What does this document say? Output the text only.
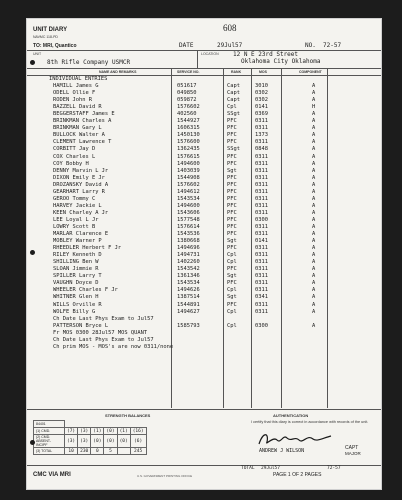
608
UNIT DIARY
NAVMC 118-PD
TO: MRI, Quantico	DATE	29Jul57	NO. 72-57
UNIT
8th Rifle Company USMCR
LOCATION 12 N E 23rd Street
Oklahoma City Oklahoma
NAME AND REMARKS	SERVICE NO.	RANK	MOS	COMPONENT
INDIVIDUAL ENTRIES
HAMILL James G	051617	Capt	3010	A
ODELL Ollie F	049850	Capt	0302	A
RODEN John R	059872	Capt	0302	A
BAZZELL David R	1576602	Cpl	0141	H
BEGGERSTAFF James E	402560	SSgt	0369	A
BRINKMAN Charles A	1544927	PFC	0311	A
BRINKMAN Gary L	1606315	PFC	0311	A
BULLOCK Walter A	1450130	PFC	1373	A
CLEMENT Lawrence T	1576600	PFC	0311	A
CORBITT Jay D	1362435	SSgt	0848	A
COX Charles L	1576615	PFC	0311	A
COY Bobby H	1494600	PFC	0311	A
DENNY Marvin L Jr	1403039	Sgt	0311	A
DIXON Emily E Jr	1544908	PFC	0311	A
DROZANSKY David A	1576602	PFC	0311	A
GEARHART Larry R	1494612	PFC	0311	A
GEROO Tommy C	1543534	PFC	0311	A
HARVEY Jackie L	1494600	PFC	0311	A
KEEN Charley A Jr	1543606	PFC	0311	A
LEE Loyal L Jr	1577548	PFC	0300	A
LOWRY Scott B	1576614	PFC	0311	A
MARLAR Clarence E	1543536	PFC	0311	A
MOBLEY Warner P	1380668	Sgt	0141	A
RHEEDLER Herbert F Jr	1494696	PFC	0311	A
RILEY Kenneth D	1494731	Cpl	0311	A
SHILLING Ben W	1402260	Cpl	0311	A
SLOAN Jimmie R	1543542	PFC	0311	A
SPILLER Larry T	1361346	Sgt	0311	A
VAUGHN Doyce D	1543534	PFC	0311	A
WHEELER Charles F Jr	1494626	Cpl	0311	A
WHITNER Glen H	1387514	Sgt	0341	A
WILLS Orville R	1544891	PFC	0311	A
WOLFE Billy G	1494627	Cpl	0311	A
Ch Date Last Phys Exam to Jul57
PATTERSON Bryce L	1585793	Cpl	0300	A
Fr MOS 0300 28Jul57 MOS QUANT
Ch Date Last Phys Exam to Jul57
Ch prim MOS - MOS's are now 0311/none
STRENGTH BALANCES	AUTHENTICATION
84401						
(1) CMD.	(7)	(3)	(1)	(0)	(1)	(16)
(2) CMD. ABSENT-INCIPF	(3)	(3)	(0)	(0)	(0)	(6)
(3) TOTAL	10	230	0	5		245
I certify that this diary is correct in accordance with records of the unit.
ANDREW J WILSON	CAPT
MAJOR
CMC VIA MRI	U.S. GOVERNMENT PRINTING OFFICE
TOTAL 29Jul57	72-57
PAGE 1 OF 2 PAGES
